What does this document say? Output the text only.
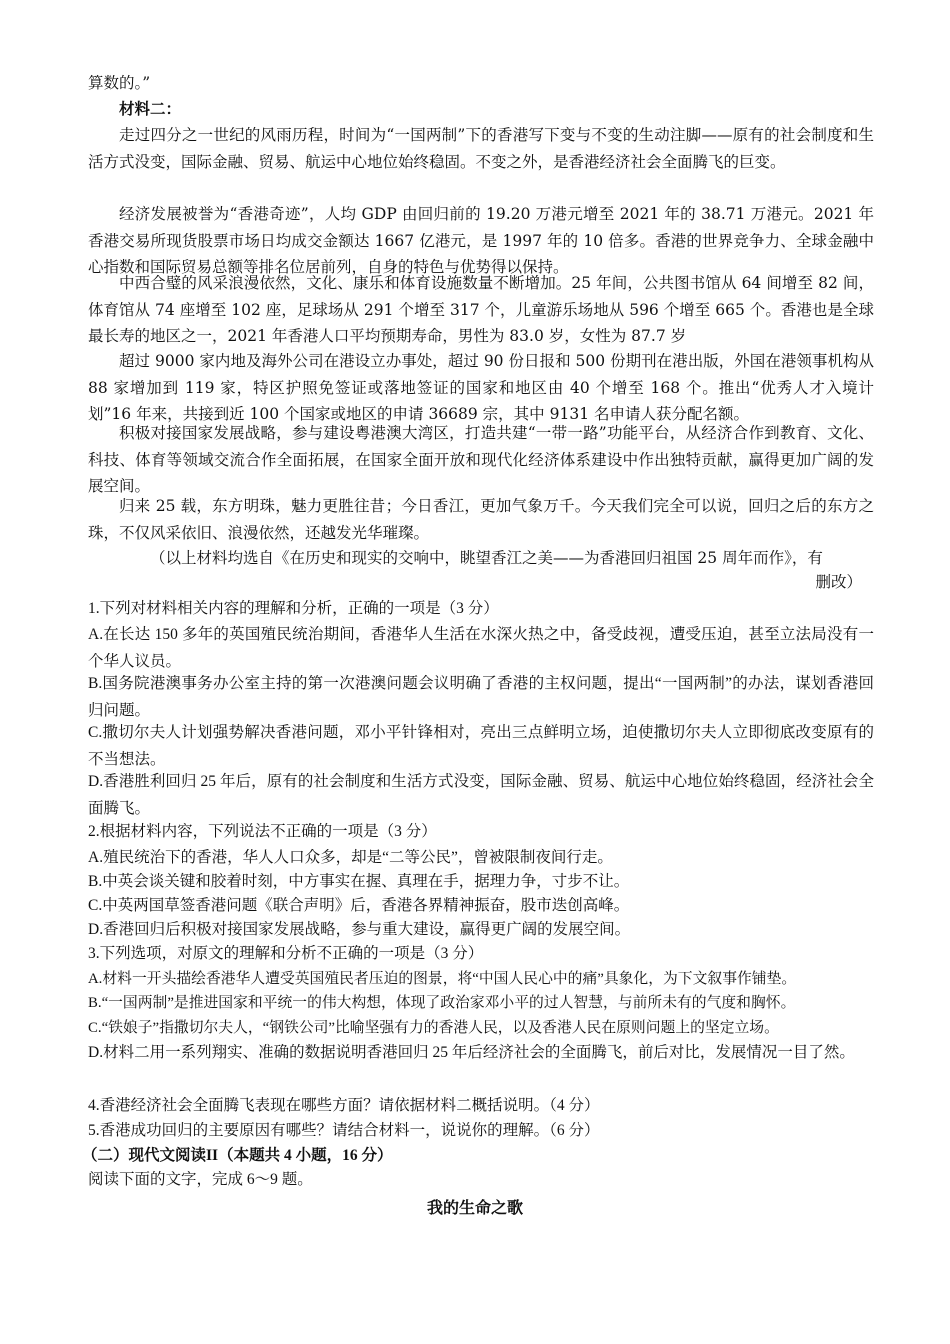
算数的。”

材料二：

走过四分之一世纪的风雨历程，时间为“一国两制”下的香港写下变与不变的生动注脚——原有的社会制度和生活方式没变，国际金融、贸易、航运中心地位始终稳固。不变之外，是香港经济社会全面腾飞的巨变。

经济发展被誉为“香港奇迹”，人均 GDP 由回归前的 19.20 万港元增至 2021 年的 38.71 万港元。2021 年香港交易所现货股票市场日均成交金额达 1667 亿港元，是 1997 年的 10 倍多。香港的世界竞争力、全球金融中心指数和国际贸易总额等排名位居前列，自身的特色与优势得以保持。

中西合璧的风采浪漫依然，文化、康乐和体育设施数量不断增加。25 年间，公共图书馆从 64 间增至 82 间，体育馆从 74 座增至 102 座，足球场从 291 个增至 317 个，儿童游乐场地从 596 个增至 665 个。香港也是全球最长寿的地区之一，2021 年香港人口平均预期寿命，男性为 83.0 岁，女性为 87.7 岁

超过 9000 家内地及海外公司在港设立办事处，超过 90 份日报和 500 份期刊在港出版，外国在港领事机构从 88 家增加到 119 家，特区护照免签证或落地签证的国家和地区由 40 个增至 168 个。推出“优秀人才入境计划”16 年来，共接到近 100 个国家或地区的申请 36689 宗，其中 9131 名申请人获分配名额。

积极对接国家发展战略，参与建设粤港澳大湾区，打造共建“一带一路”功能平台，从经济合作到教育、文化、科技、体育等领域交流合作全面拓展，在国家全面开放和现代化经济体系建设中作出独特贡献，赢得更加广阔的发展空间。

归来 25 载，东方明珠，魅力更胜往昔；今日香江，更加气象万千。今天我们完全可以说，回归之后的东方之珠，不仅风采依旧、浪漫依然，还越发光华璀璨。

（以上材料均选自《在历史和现实的交响中，眺望香江之美——为香港回归祖国 25 周年而作》，有

删改）

1.下列对材料相关内容的理解和分析，正确的一项是（3 分）

A.在长达 150 多年的英国殖民统治期间，香港华人生活在水深火热之中，备受歧视，遭受压迫，甚至立法局没有一个华人议员。

B.国务院港澳事务办公室主持的第一次港澳问题会议明确了香港的主权问题，提出“一国两制”的办法，谋划香港回归问题。

C.撒切尔夫人计划强势解决香港问题，邓小平针锋相对，亮出三点鲜明立场，迫使撒切尔夫人立即彻底改变原有的不当想法。

D.香港胜利回归 25 年后，原有的社会制度和生活方式没变，国际金融、贸易、航运中心地位始终稳固，经济社会全面腾飞。

2.根据材料内容，下列说法不正确的一项是（3 分）

A.殖民统治下的香港，华人人口众多，却是“二等公民”，曾被限制夜间行走。

B.中英会谈关键和胶着时刻，中方事实在握、真理在手，据理力争，寸步不让。

C.中英两国草签香港问题《联合声明》后，香港各界精神振奋，股市迭创高峰。

D.香港回归后积极对接国家发展战略，参与重大建设，赢得更广阔的发展空间。

3.下列选项，对原文的理解和分析不正确的一项是（3 分）

A.材料一开头描绘香港华人遭受英国殖民者压迫的图景，将“中国人民心中的痛”具象化，为下文叙事作铺垫。

B.“一国两制”是推进国家和平统一的伟大构想，体现了政治家邓小平的过人智慧，与前所未有的气度和胸怀。

C.“铁娘子”指撒切尔夫人，“钢铁公司”比喻坚强有力的香港人民，以及香港人民在原则问题上的坚定立场。

D.材料二用一系列翔实、准确的数据说明香港回归 25 年后经济社会的全面腾飞，前后对比，发展情况一目了然。

4.香港经济社会全面腾飞表现在哪些方面？请依据材料二概括说明。（4 分）

5.香港成功回归的主要原因有哪些？请结合材料一，说说你的理解。（6 分）

（二）现代文阅读II（本题共 4 小题，16 分）

阅读下面的文字，完成 6～9 题。

我的生命之歌
